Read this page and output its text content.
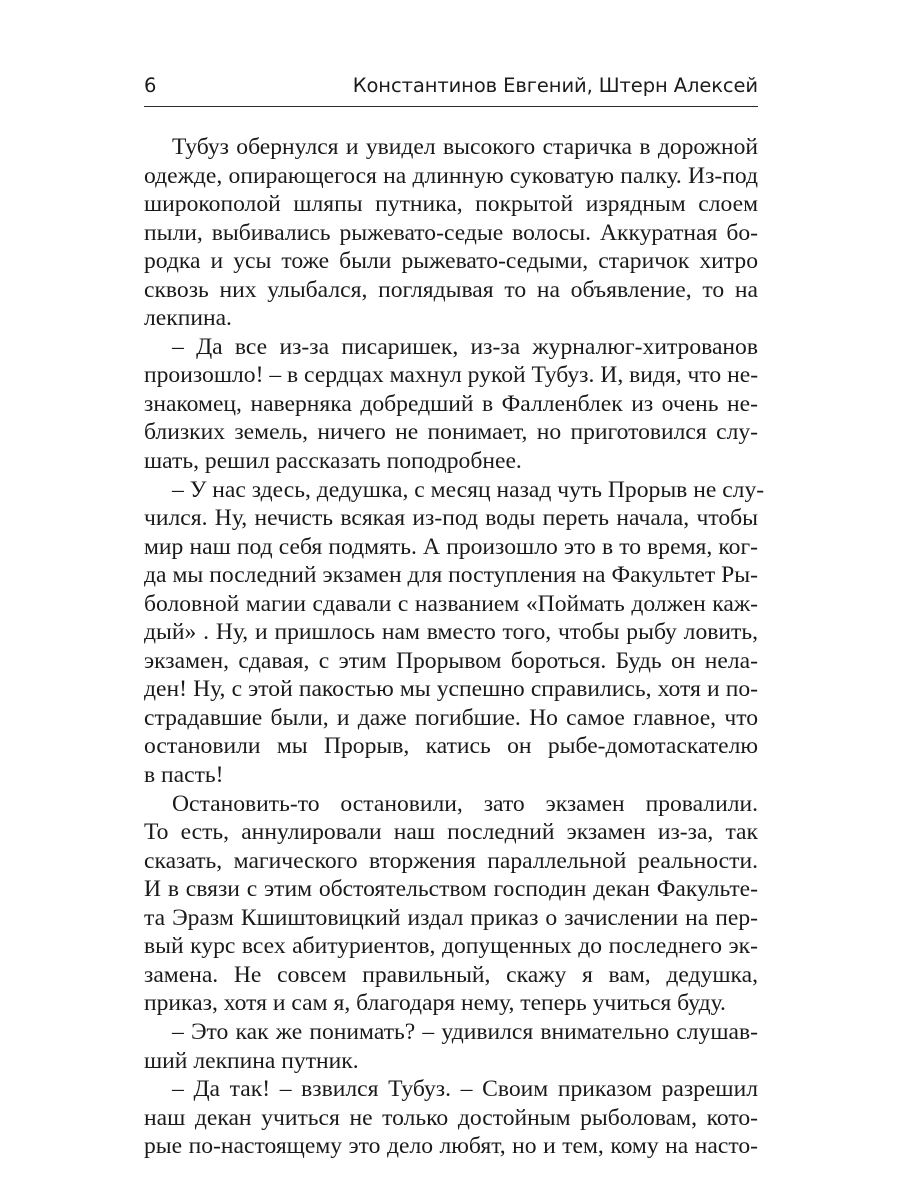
6	Константинов Евгений, Штерн Алексей
Тубуз обернулся и увидел высокого старичка в дорожной
одежде, опирающегося на длинную суковатую палку. Из-под
широкополой шляпы путника, покрытой изрядным слоем
пыли, выбивались рыжевато-седые волосы. Аккуратная бо-
родка и усы тоже были рыжевато-седыми, старичок хитро
сквозь них улыбался, поглядывая то на объявление, то на
лекпина.
– Да все из-за писаришек, из-за журналюг-хитрованов
произошло! – в сердцах махнул рукой Тубуз. И, видя, что не-
знакомец, наверняка добредший в Фалленблек из очень не-
близких земель, ничего не понимает, но приготовился слу-
шать, решил рассказать поподробнее.
– У нас здесь, дедушка, с месяц назад чуть Прорыв не слу-
чился. Ну, нечисть всякая из-под воды переть начала, чтобы
мир наш под себя подмять. А произошло это в то время, ког-
да мы последний экзамен для поступления на Факультет Ры-
боловной магии сдавали с названием «Поймать должен каж-
дый» . Ну, и пришлось нам вместо того, чтобы рыбу ловить,
экзамен, сдавая, с этим Прорывом бороться. Будь он нела-
ден! Ну, с этой пакостью мы успешно справились, хотя и по-
страдавшие были, и даже погибшие. Но самое главное, что
остановили мы Прорыв, катись он рыбе-домотаскателю
в пасть!
Остановить-то остановили, зато экзамен провалили.
То есть, аннулировали наш последний экзамен из-за, так
сказать, магического вторжения параллельной реальности.
И в связи с этим обстоятельством господин декан Факульте-
та Эразм Кшиштовицкий издал приказ о зачислении на пер-
вый курс всех абитуриентов, допущенных до последнего эк-
замена. Не совсем правильный, скажу я вам, дедушка,
приказ, хотя и сам я, благодаря нему, теперь учиться буду.
– Это как же понимать? – удивился внимательно слушав-
ший лекпина путник.
– Да так! – взвился Тубуз. – Своим приказом разрешил
наш декан учиться не только достойным рыболовам, кото-
рые по-настоящему это дело любят, но и тем, кому на насто-
